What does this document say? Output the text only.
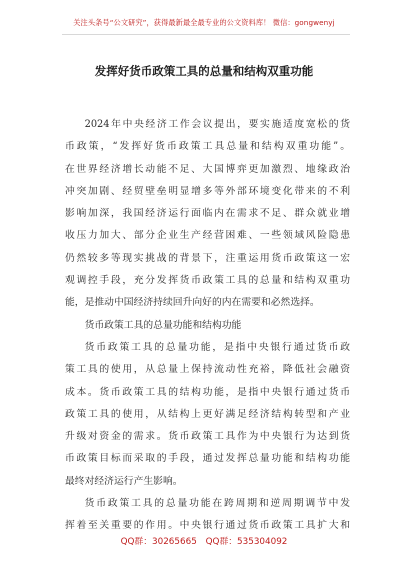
关注头条号“公文研究”，获得最新最全最专业的公文资料库！ 微信：gongwenyj
发挥好货币政策工具的总量和结构双重功能
2024年中央经济工作会议提出，要实施适度宽松的货
币政策，“发挥好货币政策工具总量和结构双重功能”。
在世界经济增长动能不足、大国博弈更加激烈、地缘政治
冲突加剧、经贸壁垒明显增多等外部环境变化带来的不利
影响加深，我国经济运行面临内在需求不足、群众就业增
收压力加大、部分企业生产经营困难、一些领域风险隐患
仍然较多等现实挑战的背景下，注重运用货币政策这一宏
观调控手段，充分发挥货币政策工具的总量和结构双重功
能，是推动中国经济持续回升向好的内在需要和必然选择。
货币政策工具的总量功能和结构功能
货币政策工具的总量功能，是指中央银行通过货币政
策工具的使用，从总量上保持流动性充裕，降低社会融资
成本。货币政策工具的结构功能，是指中央银行通过货币
政策工具的使用，从结构上更好满足经济结构转型和产业
升级对资金的需求。货币政策工具作为中央银行为达到货
币政策目标而采取的手段，通过发挥总量功能和结构功能
最终对经济运行产生影响。
货币政策工具的总量功能在跨周期和逆周期调节中发
挥着至关重要的作用。中央银行通过货币政策工具扩大和
QQ群：30265665 QQ群：535304092
